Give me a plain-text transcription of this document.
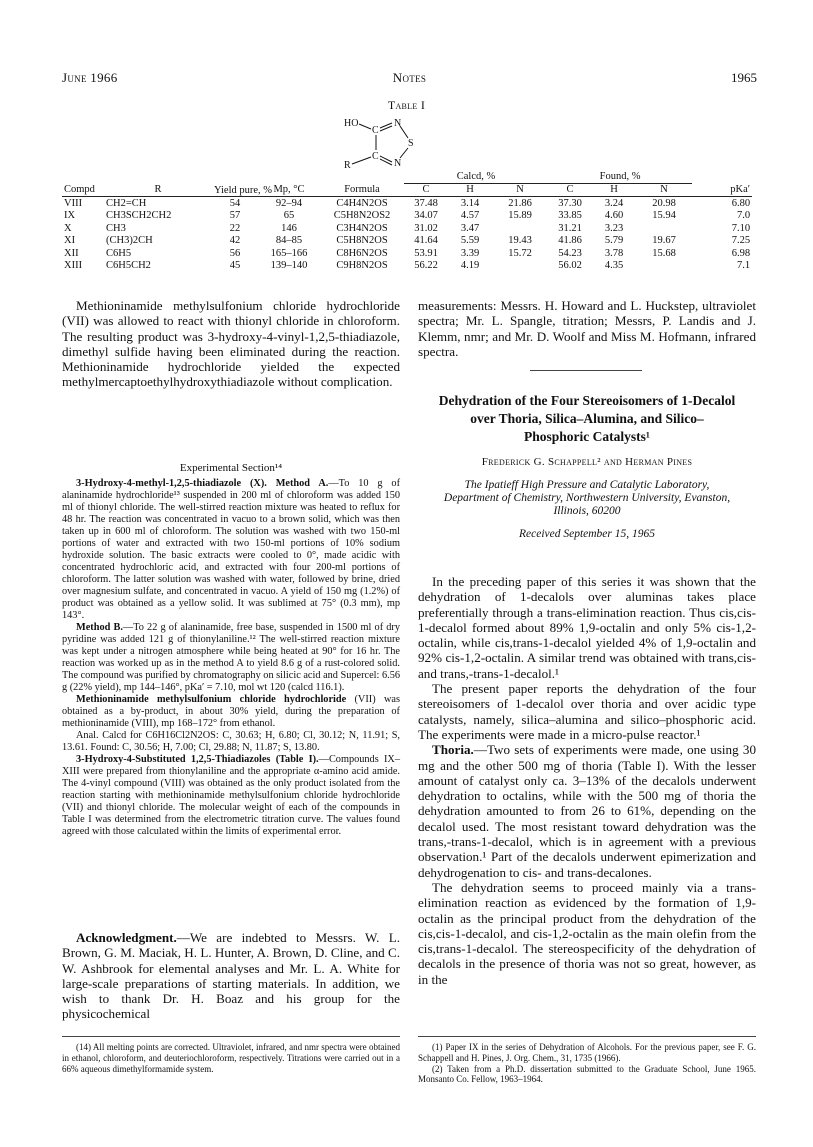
June 1966	Notes	1965
Table I
HO
C
N
S
N
C
R
		Yield pure, %			Calcd, %			Found, %			
Compd	R		Mp, °C	Formula	C	H	N	C	H	N	pKa′
VIII	CH2=CH	54	92–94	C4H4N2OS	37.48	3.14	21.86	37.30	3.24	20.98	6.80
IX	CH3SCH2CH2	57	65	C5H8N2OS2	34.07	4.57	15.89	33.85	4.60	15.94	7.0
X	CH3	22	146	C3H4N2OS	31.02	3.47		31.21	3.23		7.10
XI	(CH3)2CH	42	84–85	C5H8N2OS	41.64	5.59	19.43	41.86	5.79	19.67	7.25
XII	C6H5	56	165–166	C8H6N2OS	53.91	3.39	15.72	54.23	3.78	15.68	6.98
XIII	C6H5CH2	45	139–140	C9H8N2OS	56.22	4.19		56.02	4.35		7.1

Methioninamide methylsulfonium chloride hydrochloride (VII) was allowed to react with thionyl chloride in chloroform. The resulting product was 3-hydroxy-4-vinyl-1,2,5-thiadiazole, dimethyl sulfide having been eliminated during the reaction. Methioninamide hydrochloride yielded the expected methylmercaptoethylhydroxythiadiazole without complication.

Experimental Section¹⁴

3-Hydroxy-4-methyl-1,2,5-thiadiazole (X). Method A.—To 10 g of alaninamide hydrochloride¹³ suspended in 200 ml of chloroform was added 150 ml of thionyl chloride. The well-stirred reaction mixture was heated to reflux for 48 hr. The reaction was concentrated in vacuo to a brown solid, which was then taken up in 600 ml of chloroform. The solution was washed with two 150-ml portions of water and extracted with two 150-ml portions of 10% sodium hydroxide solution. The basic extracts were cooled to 0°, made acidic with concentrated hydrochloric acid, and extracted with four 200-ml portions of chloroform. The latter solution was washed with water, followed by brine, dried over magnesium sulfate, and concentrated in vacuo. A yield of 150 mg (1.2%) of product was obtained as a yellow solid. It was sublimed at 75° (0.3 mm), mp 143°.

Method B.—To 22 g of alaninamide, free base, suspended in 1500 ml of dry pyridine was added 121 g of thionylaniline.¹² The well-stirred reaction mixture was kept under a nitrogen atmosphere while being heated at 90° for 16 hr. The reaction was worked up as in the method A to yield 8.6 g of a rust-colored solid. The compound was purified by chromatography on silicic acid and Supercel: 6.56 g (22% yield), mp 144–146°, pKa′ = 7.10, mol wt 120 (calcd 116.1).

Methioninamide methylsulfonium chloride hydrochloride (VII) was obtained as a by-product, in about 30% yield, during the preparation of methioninamide (VIII), mp 168–172° from ethanol.

Anal. Calcd for C6H16Cl2N2OS: C, 30.63; H, 6.80; Cl, 30.12; N, 11.91; S, 13.61. Found: C, 30.56; H, 7.00; Cl, 29.88; N, 11.87; S, 13.80.

3-Hydroxy-4-Substituted 1,2,5-Thiadiazoles (Table I).—Compounds IX–XIII were prepared from thionylaniline and the appropriate α-amino acid amide. The 4-vinyl compound (VIII) was obtained as the only product isolated from the reaction starting with methioninamide methylsulfonium chloride hydrochloride (VII) and thionyl chloride. The molecular weight of each of the compounds in Table I was determined from the electrometric titration curve. The values found agreed with those calculated within the limits of experimental error.

Acknowledgment.—We are indebted to Messrs. W. L. Brown, G. M. Maciak, H. L. Hunter, A. Brown, D. Cline, and C. W. Ashbrook for elemental analyses and Mr. L. A. White for large-scale preparations of starting materials. In addition, we wish to thank Dr. H. Boaz and his group for the physicochemical

(14) All melting points are corrected. Ultraviolet, infrared, and nmr spectra were obtained in ethanol, chloroform, and deuteriochloroform, respectively. Titrations were carried out in a 66% aqueous dimethylformamide system.

measurements: Messrs. H. Howard and L. Huckstep, ultraviolet spectra; Mr. L. Spangle, titration; Messrs, P. Landis and J. Klemm, nmr; and Mr. D. Woolf and Miss M. Hofmann, infrared spectra.

Dehydration of the Four Stereoisomers of 1-Decalol over Thoria, Silica–Alumina, and Silico–Phosphoric Catalysts¹

Frederick G. Schappell² and Herman Pines

The Ipatieff High Pressure and Catalytic Laboratory, Department of Chemistry, Northwestern University, Evanston, Illinois, 60200

Received September 15, 1965

In the preceding paper of this series it was shown that the dehydration of 1-decalols over aluminas takes place preferentially through a trans-elimination reaction. Thus cis,cis-1-decalol formed about 89% 1,9-octalin and only 5% cis-1,2-octalin, while cis,trans-1-decalol yielded 4% of 1,9-octalin and 92% cis-1,2-octalin. A similar trend was obtained with trans,cis- and trans,-trans-1-decalol.¹

The present paper reports the dehydration of the four stereoisomers of 1-decalol over thoria and over acidic type catalysts, namely, silica–alumina and silico–phosphoric acid. The experiments were made in a micro-pulse reactor.¹

Thoria.—Two sets of experiments were made, one using 30 mg and the other 500 mg of thoria (Table I). With the lesser amount of catalyst only ca. 3–13% of the decalols underwent dehydration to octalins, while with the 500 mg of thoria the dehydration amounted to from 26 to 61%, depending on the decalol used. The most resistant toward dehydration was the trans,-trans-1-decalol, which is in agreement with a previous observation.¹ Part of the decalols underwent epimerization and dehydrogenation to cis- and trans-decalones.

The dehydration seems to proceed mainly via a trans-elimination reaction as evidenced by the formation of 1,9-octalin as the principal product from the dehydration of the cis,cis-1-decalol, and cis-1,2-octalin as the main olefin from the cis,trans-1-decalol. The stereospecificity of the dehydration of decalols in the presence of thoria was not so great, however, as in the

(1) Paper IX in the series of Dehydration of Alcohols. For the previous paper, see F. G. Schappell and H. Pines, J. Org. Chem., 31, 1735 (1966).

(2) Taken from a Ph.D. dissertation submitted to the Graduate School, June 1965. Monsanto Co. Fellow, 1963–1964.
